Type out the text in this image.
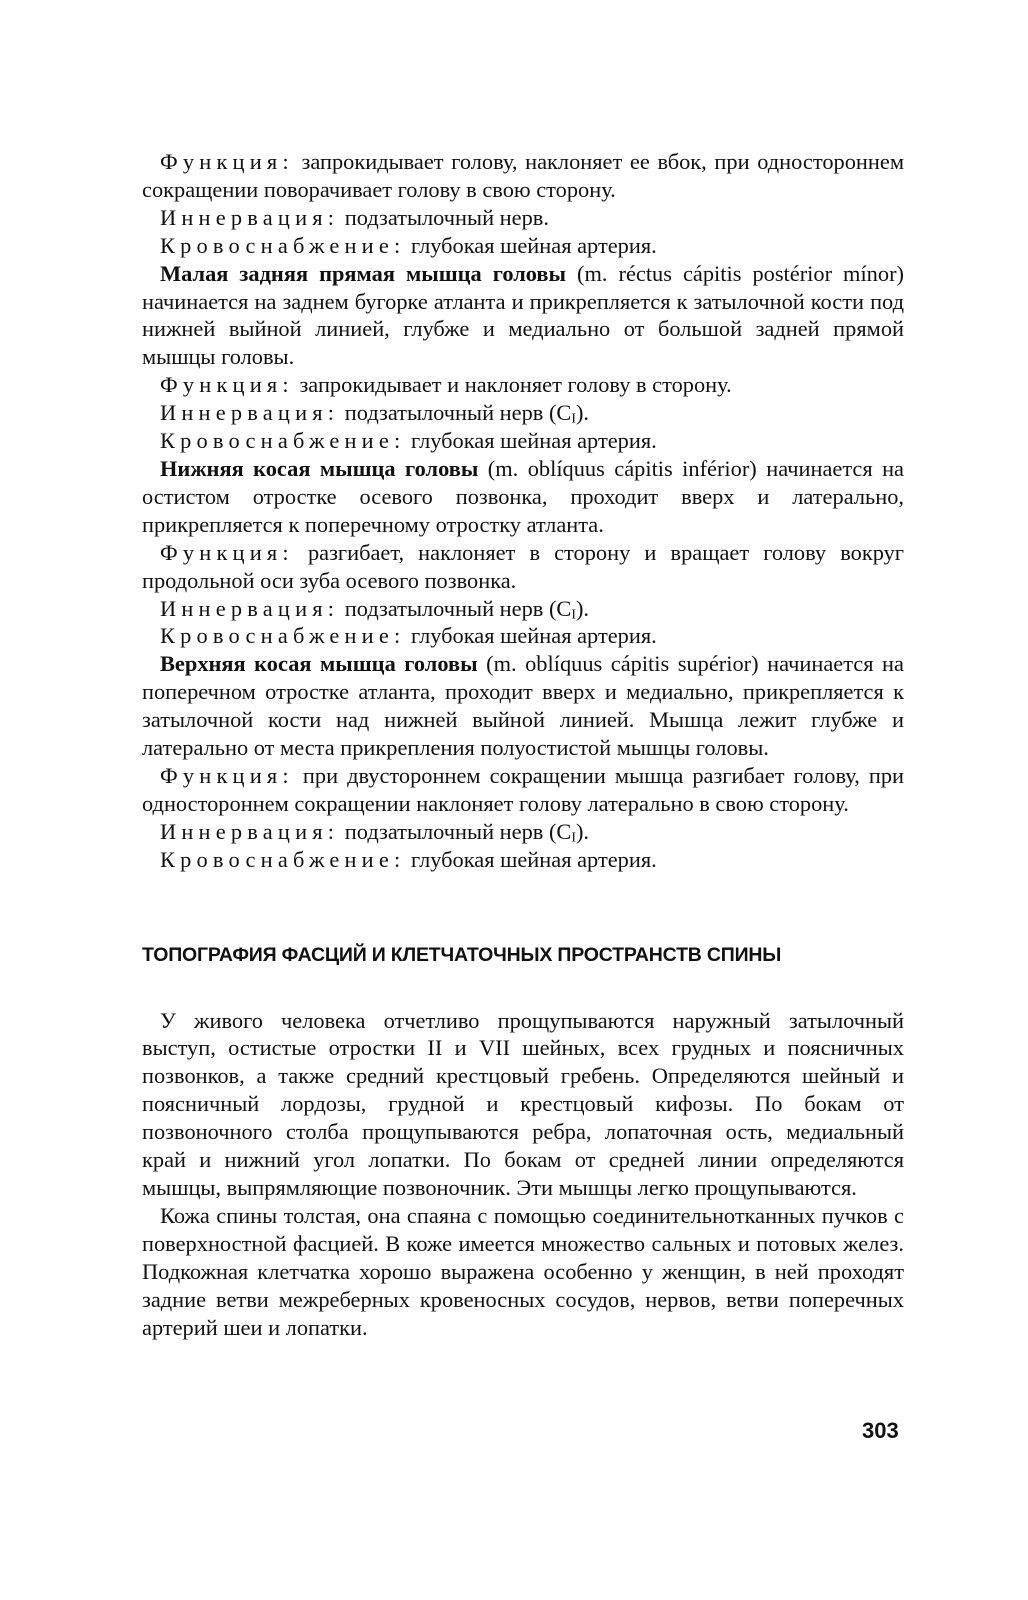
Функция: запрокидывает голову, наклоняет ее вбок, при одностороннем сокращении поворачивает голову в свою сторону.

Иннервация: подзатылочный нерв.

Кровоснабжение: глубокая шейная артерия.

Малая задняя прямая мышца головы (m. réctus cápitis postérior mínor) начинается на заднем бугорке атланта и прикрепляется к затылочной кости под нижней выйной линией, глубже и медиально от большой задней прямой мышцы головы.

Функция: запрокидывает и наклоняет голову в сторону.

Иннервация: подзатылочный нерв $(C_I)$.

Кровоснабжение: глубокая шейная артерия.

Нижняя косая мышца головы (m. oblíquus cápitis inférior) начинается на остистом отростке осевого позвонка, проходит вверх и латерально, прикрепляется к поперечному отростку атланта.

Функция: разгибает, наклоняет в сторону и вращает голову вокруг продольной оси зуба осевого позвонка.

Иннервация: подзатылочный нерв $(C_I)$.

Кровоснабжение: глубокая шейная артерия.

Верхняя косая мышца головы (m. oblíquus cápitis supérior) начинается на поперечном отростке атланта, проходит вверх и медиально, прикрепляется к затылочной кости над нижней выйной линией. Мышца лежит глубже и латерально от места прикрепления полуостистой мышцы головы.

Функция: при двустороннем сокращении мышца разгибает голову, при одностороннем сокращении наклоняет голову латерально в свою сторону.

Иннервация: подзатылочный нерв $(C_I)$.

Кровоснабжение: глубокая шейная артерия.

ТОПОГРАФИЯ ФАСЦИЙ И КЛЕТЧАТОЧНЫХ ПРОСТРАНСТВ СПИНЫ

У живого человека отчетливо прощупываются наружный затылочный выступ, остистые отростки II и VII шейных, всех грудных и поясничных позвонков, а также средний крестцовый гребень. Определяются шейный и поясничный лордозы, грудной и крестцовый кифозы. По бокам от позвоночного столба прощупываются ребра, лопаточная ость, медиальный край и нижний угол лопатки. По бокам от средней линии определяются мышцы, выпрямляющие позвоночник. Эти мышцы легко прощупываются.

Кожа спины толстая, она спаяна с помощью соединительнотканных пучков с поверхностной фасцией. В коже имеется множество сальных и потовых желез. Подкожная клетчатка хорошо выражена особенно у женщин, в ней проходят задние ветви межреберных кровеносных сосудов, нервов, ветви поперечных артерий шеи и лопатки.

303
